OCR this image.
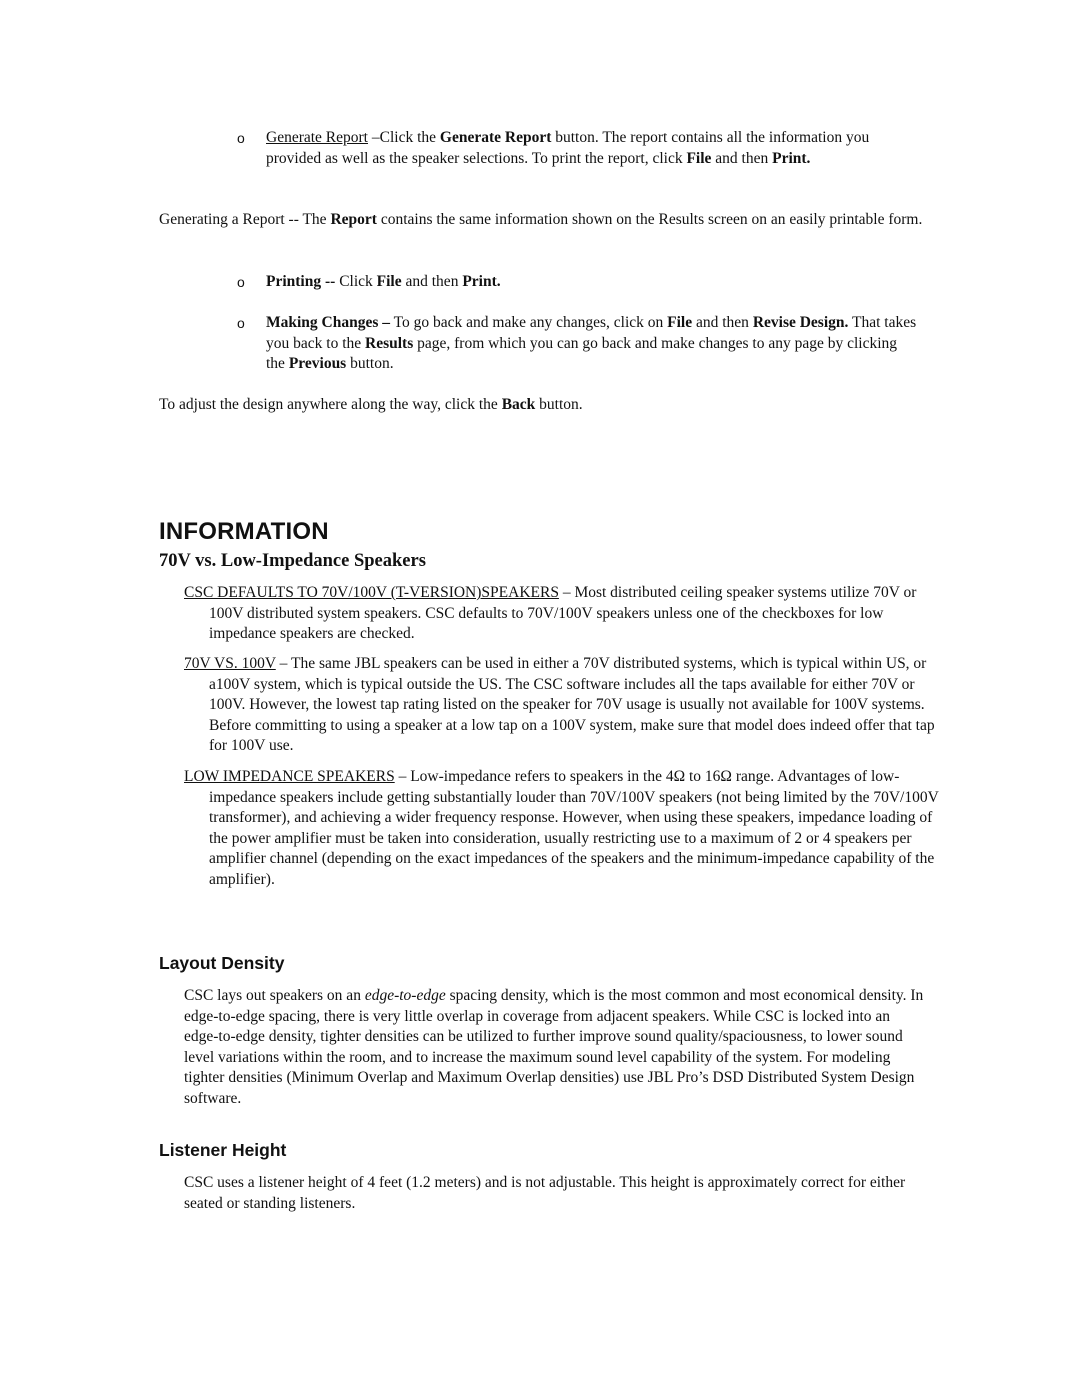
o Generate Report –Click the Generate Report button. The report contains all the information you provided as well as the speaker selections. To print the report, click File and then Print.

Generating a Report -- The Report contains the same information shown on the Results screen on an easily printable form.

o Printing -- Click File and then Print.
o Making Changes – To go back and make any changes, click on File and then Revise Design. That takes you back to the Results page, from which you can go back and make changes to any page by clicking the Previous button.

To adjust the design anywhere along the way, click the Back button.

INFORMATION
70V vs. Low-Impedance Speakers

CSC DEFAULTS TO 70V/100V (T-VERSION)SPEAKERS – Most distributed ceiling speaker systems utilize 70V or 100V distributed system speakers. CSC defaults to 70V/100V speakers unless one of the checkboxes for low impedance speakers are checked.

70V VS. 100V – The same JBL speakers can be used in either a 70V distributed systems, which is typical within US, or a100V system, which is typical outside the US. The CSC software includes all the taps available for either 70V or 100V. However, the lowest tap rating listed on the speaker for 70V usage is usually not available for 100V systems. Before committing to using a speaker at a low tap on a 100V system, make sure that model does indeed offer that tap for 100V use.

LOW IMPEDANCE SPEAKERS – Low-impedance refers to speakers in the 4Ω to 16Ω range. Advantages of low-impedance speakers include getting substantially louder than 70V/100V speakers (not being limited by the 70V/100V transformer), and achieving a wider frequency response. However, when using these speakers, impedance loading of the power amplifier must be taken into consideration, usually restricting use to a maximum of 2 or 4 speakers per amplifier channel (depending on the exact impedances of the speakers and the minimum-impedance capability of the amplifier).

Layout Density

CSC lays out speakers on an edge-to-edge spacing density, which is the most common and most economical density. In edge-to-edge spacing, there is very little overlap in coverage from adjacent speakers. While CSC is locked into an edge-to-edge density, tighter densities can be utilized to further improve sound quality/spaciousness, to lower sound level variations within the room, and to increase the maximum sound level capability of the system. For modeling tighter densities (Minimum Overlap and Maximum Overlap densities) use JBL Pro’s DSD Distributed System Design software.

Listener Height

CSC uses a listener height of 4 feet (1.2 meters) and is not adjustable. This height is approximately correct for either seated or standing listeners.
